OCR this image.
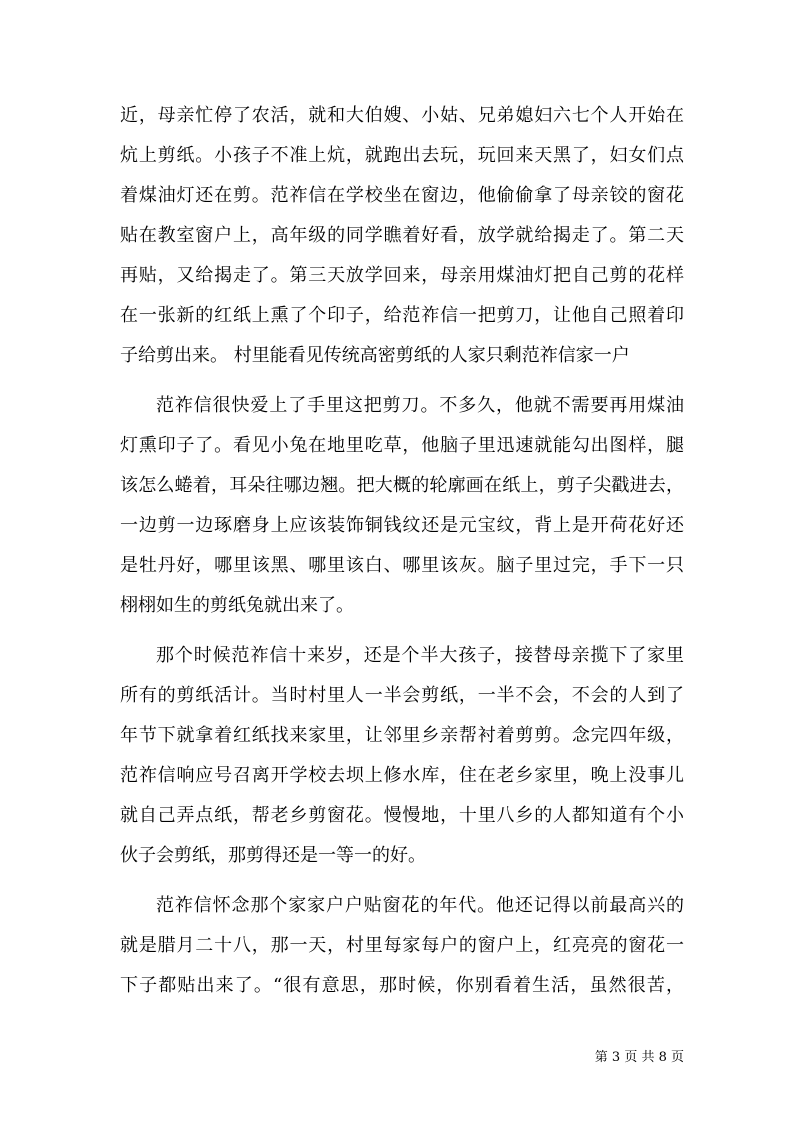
近，母亲忙停了农活，就和大伯嫂、小姑、兄弟媳妇六七个人开始在
炕上剪纸。小孩子不准上炕，就跑出去玩，玩回来天黑了，妇女们点
着煤油灯还在剪。范祚信在学校坐在窗边，他偷偷拿了母亲铰的窗花
贴在教室窗户上，高年级的同学瞧着好看，放学就给揭走了。第二天
再贴，又给揭走了。第三天放学回来，母亲用煤油灯把自己剪的花样
在一张新的红纸上熏了个印子，给范祚信一把剪刀，让他自己照着印
子给剪出来。 村里能看见传统高密剪纸的人家只剩范祚信家一户
范祚信很快爱上了手里这把剪刀。不多久，他就不需要再用煤油
灯熏印子了。看见小兔在地里吃草，他脑子里迅速就能勾出图样，腿
该怎么蜷着，耳朵往哪边翘。把大概的轮廓画在纸上，剪子尖戳进去，
一边剪一边琢磨身上应该装饰铜钱纹还是元宝纹，背上是开荷花好还
是牡丹好，哪里该黑、哪里该白、哪里该灰。脑子里过完，手下一只
栩栩如生的剪纸兔就出来了。
那个时候范祚信十来岁，还是个半大孩子，接替母亲揽下了家里
所有的剪纸活计。当时村里人一半会剪纸，一半不会，不会的人到了
年节下就拿着红纸找来家里，让邻里乡亲帮衬着剪剪。念完四年级，
范祚信响应号召离开学校去坝上修水库，住在老乡家里，晚上没事儿
就自己弄点纸，帮老乡剪窗花。慢慢地，十里八乡的人都知道有个小
伙子会剪纸，那剪得还是一等一的好。
范祚信怀念那个家家户户贴窗花的年代。他还记得以前最高兴的
就是腊月二十八，那一天，村里每家每户的窗户上，红亮亮的窗花一
下子都贴出来了。“很有意思，那时候，你别看着生活，虽然很苦，
第 3 页 共 8 页
